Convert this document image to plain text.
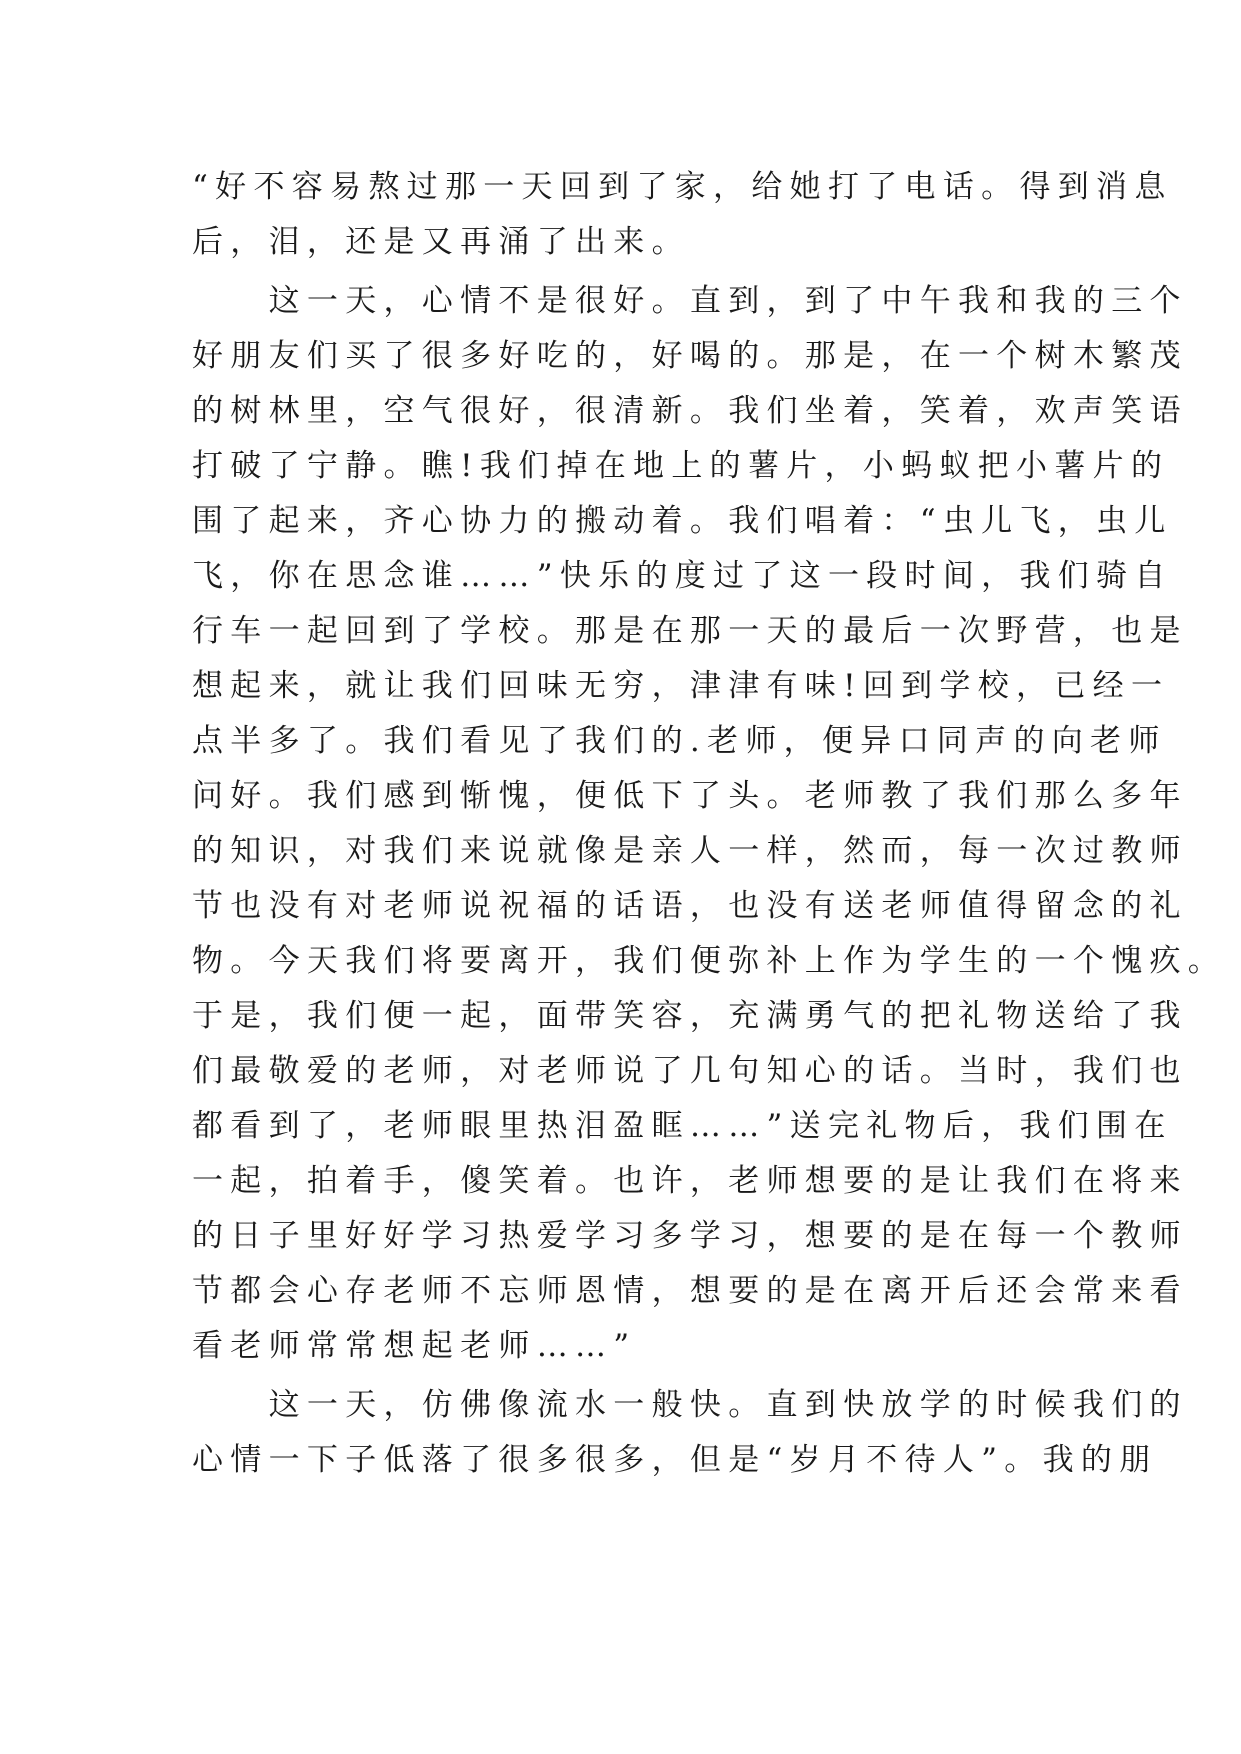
“好不容易熬过那一天回到了家，给她打了电话。得到消息
后，泪，还是又再涌了出来。
　　这一天，心情不是很好。直到，到了中午我和我的三个
好朋友们买了很多好吃的，好喝的。那是，在一个树木繁茂
的树林里，空气很好，很清新。我们坐着，笑着，欢声笑语
打破了宁静。瞧!我们掉在地上的薯片，小蚂蚁把小薯片的
围了起来，齐心协力的搬动着。我们唱着：“虫儿飞，虫儿
飞，你在思念谁……”快乐的度过了这一段时间，我们骑自
行车一起回到了学校。那是在那一天的最后一次野营，也是
想起来，就让我们回味无穷，津津有味!回到学校，已经一
点半多了。我们看见了我们的.老师，便异口同声的向老师
问好。我们感到惭愧，便低下了头。老师教了我们那么多年
的知识，对我们来说就像是亲人一样，然而，每一次过教师
节也没有对老师说祝福的话语，也没有送老师值得留念的礼
物。今天我们将要离开，我们便弥补上作为学生的一个愧疚。
于是，我们便一起，面带笑容，充满勇气的把礼物送给了我
们最敬爱的老师，对老师说了几句知心的话。当时，我们也
都看到了，老师眼里热泪盈眶……”送完礼物后，我们围在
一起，拍着手，傻笑着。也许，老师想要的是让我们在将来
的日子里好好学习热爱学习多学习，想要的是在每一个教师
节都会心存老师不忘师恩情，想要的是在离开后还会常来看
看老师常常想起老师……”
　　这一天，仿佛像流水一般快。直到快放学的时候我们的
心情一下子低落了很多很多，但是“岁月不待人”。我的朋
